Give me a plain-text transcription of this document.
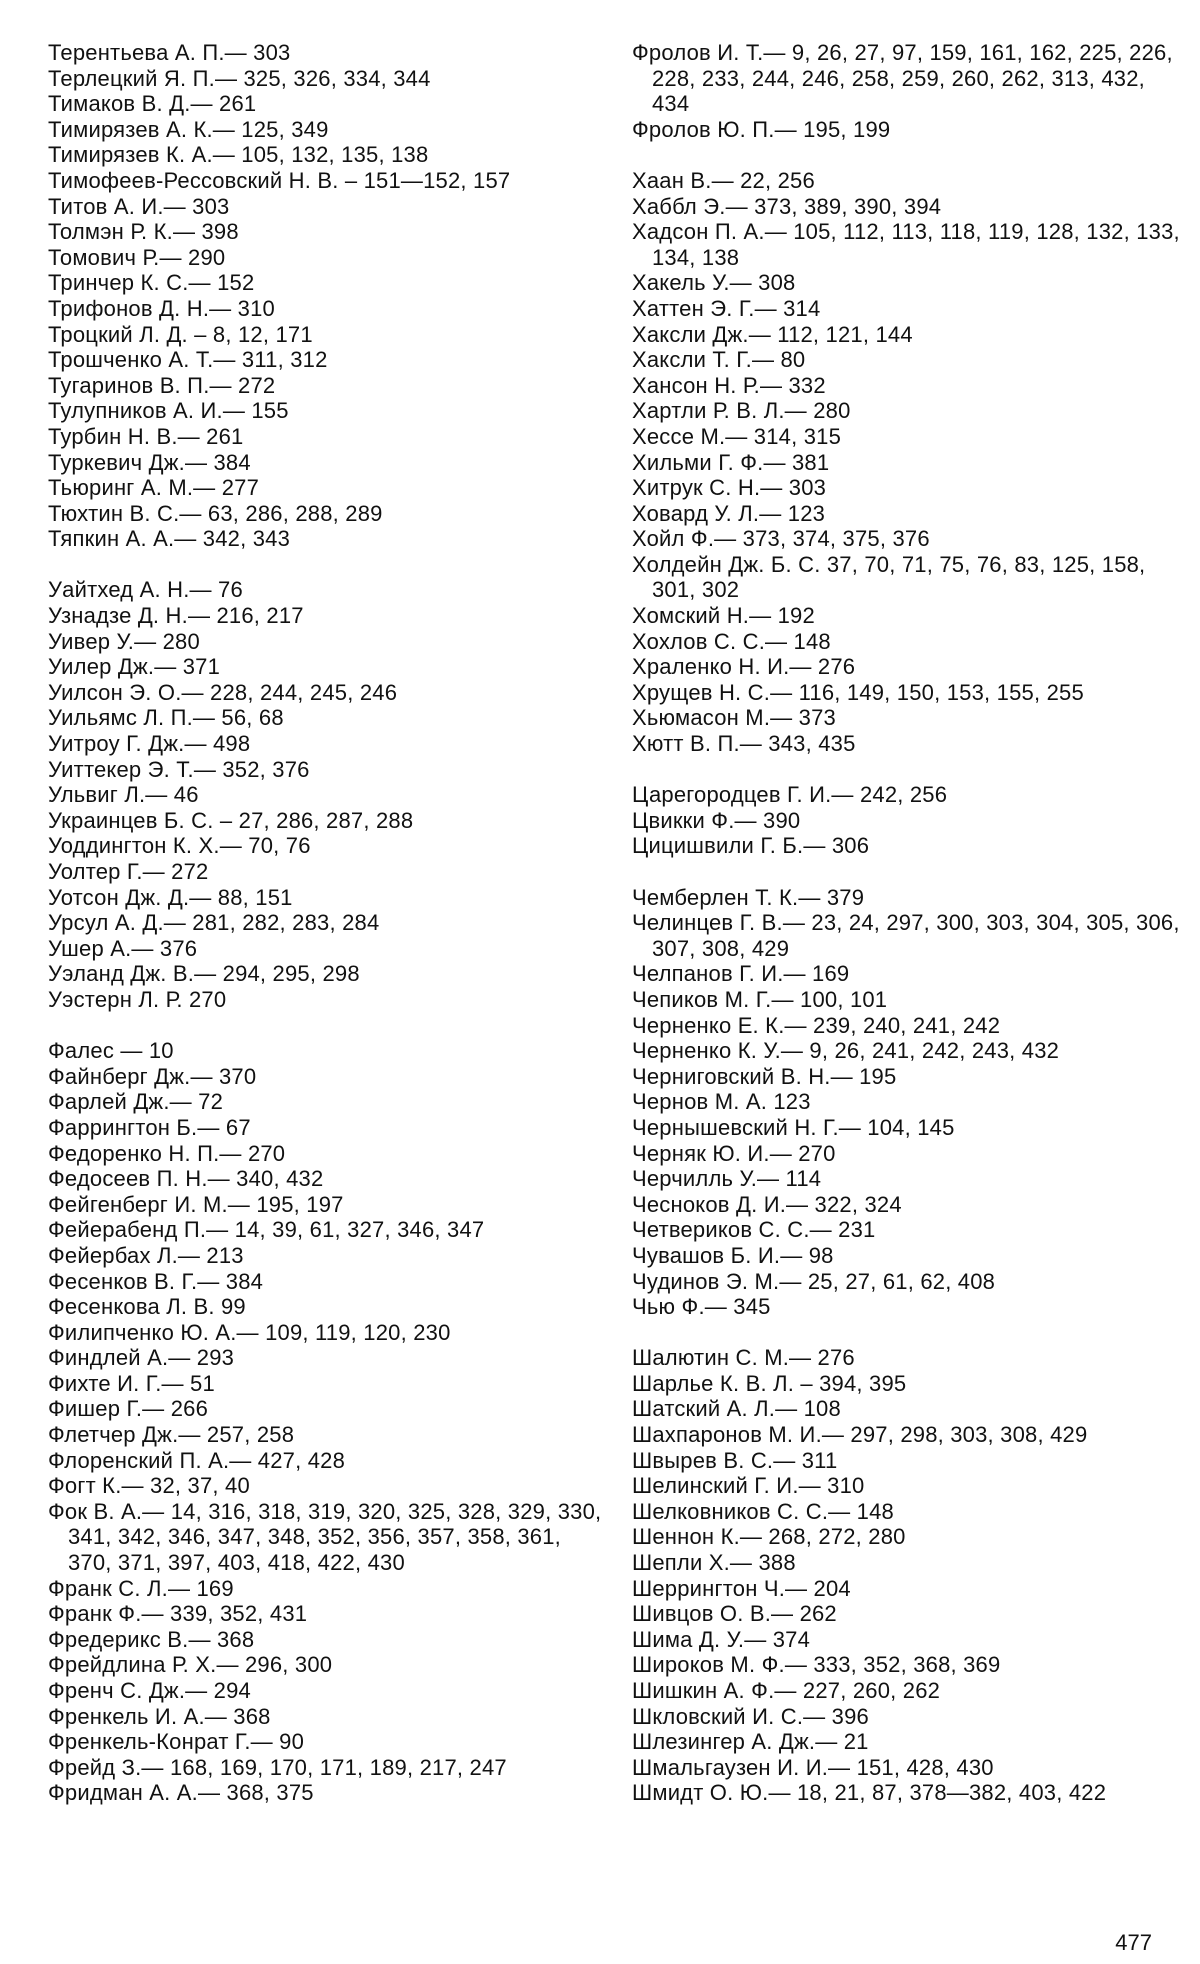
Терентьева А. П.— 303
Терлецкий Я. П.— 325, 326, 334, 344
Тимаков В. Д.— 261
Тимирязев А. К.— 125, 349
Тимирязев К. А.— 105, 132, 135, 138
Тимофеев-Ресcовский Н. В. – 151—152, 157
Титов А. И.— 303
Толмэн Р. К.— 398
Томович Р.— 290
Тринчер К. С.— 152
Трифонов Д. Н.— 310
Троцкий Л. Д. – 8, 12, 171
Трошченко А. Т.— 311, 312
Тугаринов В. П.— 272
Тулупников А. И.— 155
Турбин Н. В.— 261
Туркевич Дж.— 384
Тьюринг А. М.— 277
Тюхтин В. С.— 63, 286, 288, 289
Тяпкин А. А.— 342, 343
Уайтхед А. Н.— 76
Узнадзе Д. Н.— 216, 217
Уивер У.— 280
Уилер Дж.— 371
Уилсон Э. О.— 228, 244, 245, 246
Уильямс Л. П.— 56, 68
Уитроу Г. Дж.— 498
Уиттекер Э. Т.— 352, 376
Ульвиг Л.— 46
Украинцев Б. С. – 27, 286, 287, 288
Уоддингтон К. Х.— 70, 76
Уолтер Г.— 272
Уотсон Дж. Д.— 88, 151
Урсул А. Д.— 281, 282, 283, 284
Ушер А.— 376
Уэланд Дж. В.— 294, 295, 298
Уэстерн Л. Р. 270
Фалес — 10
Файнберг Дж.— 370
Фарлей Дж.— 72
Фаррингтон Б.— 67
Федоренко Н. П.— 270
Федосеев П. Н.— 340, 432
Фейгенберг И. М.— 195, 197
Фейерабенд П.— 14, 39, 61, 327, 346, 347
Фейербах Л.— 213
Фесенков В. Г.— 384
Фесенкова Л. В. 99
Филипченко Ю. А.— 109, 119, 120, 230
Финдлей А.— 293
Фихте И. Г.— 51
Фишер Г.— 266
Флетчер Дж.— 257, 258
Флоренский П. А.— 427, 428
Фогт К.— 32, 37, 40
Фок В. А.— 14, 316, 318, 319, 320, 325, 328, 329, 330, 341, 342, 346, 347, 348, 352, 356, 357, 358, 361, 370, 371, 397, 403, 418, 422, 430
Франк С. Л.— 169
Франк Ф.— 339, 352, 431
Фредерикс В.— 368
Фрейдлина Р. Х.— 296, 300
Френч С. Дж.— 294
Френкель И. А.— 368
Френкель-Конрат Г.— 90
Фрейд З.— 168, 169, 170, 171, 189, 217, 247
Фридман А. А.— 368, 375
Фролов И. Т.— 9, 26, 27, 97, 159, 161, 162, 225, 226, 228, 233, 244, 246, 258, 259, 260, 262, 313, 432, 434
Фролов Ю. П.— 195, 199
Хаан В.— 22, 256
Хаббл Э.— 373, 389, 390, 394
Хадсон П. А.— 105, 112, 113, 118, 119, 128, 132, 133, 134, 138
Хакель У.— 308
Хаттен Э. Г.— 314
Хаксли Дж.— 112, 121, 144
Хаксли Т. Г.— 80
Хансон Н. Р.— 332
Хартли Р. В. Л.— 280
Хессе М.— 314, 315
Хильми Г. Ф.— 381
Хитрук С. Н.— 303
Ховард У. Л.— 123
Хойл Ф.— 373, 374, 375, 376
Холдейн Дж. Б. С. 37, 70, 71, 75, 76, 83, 125, 158, 301, 302
Хомский Н.— 192
Хохлов С. С.— 148
Храленко Н. И.— 276
Хрущев Н. С.— 116, 149, 150, 153, 155, 255
Хьюмасон М.— 373
Хютт В. П.— 343, 435
Царегородцев Г. И.— 242, 256
Цвикки Ф.— 390
Цицишвили Г. Б.— 306
Чемберлен Т. К.— 379
Челинцев Г. В.— 23, 24, 297, 300, 303, 304, 305, 306, 307, 308, 429
Челпанов Г. И.— 169
Чепиков М. Г.— 100, 101
Черненко Е. К.— 239, 240, 241, 242
Черненко К. У.— 9, 26, 241, 242, 243, 432
Черниговский В. Н.— 195
Чернов М. А. 123
Чернышевский Н. Г.— 104, 145
Черняк Ю. И.— 270
Черчилль У.— 114
Чесноков Д. И.— 322, 324
Четвериков С. С.— 231
Чувашов Б. И.— 98
Чудинов Э. М.— 25, 27, 61, 62, 408
Чью Ф.— 345
Шалютин С. М.— 276
Шарлье К. В. Л. – 394, 395
Шатский А. Л.— 108
Шахпаронов М. И.— 297, 298, 303, 308, 429
Швырев В. С.— 311
Шелинский Г. И.— 310
Шелковников С. С.— 148
Шеннон К.— 268, 272, 280
Шепли Х.— 388
Шеррингтон Ч.— 204
Шивцов О. В.— 262
Шима Д. У.— 374
Широков М. Ф.— 333, 352, 368, 369
Шишкин А. Ф.— 227, 260, 262
Шкловский И. С.— 396
Шлезингер А. Дж.— 21
Шмальгаузен И. И.— 151, 428, 430
Шмидт О. Ю.— 18, 21, 87, 378—382, 403, 422
477
